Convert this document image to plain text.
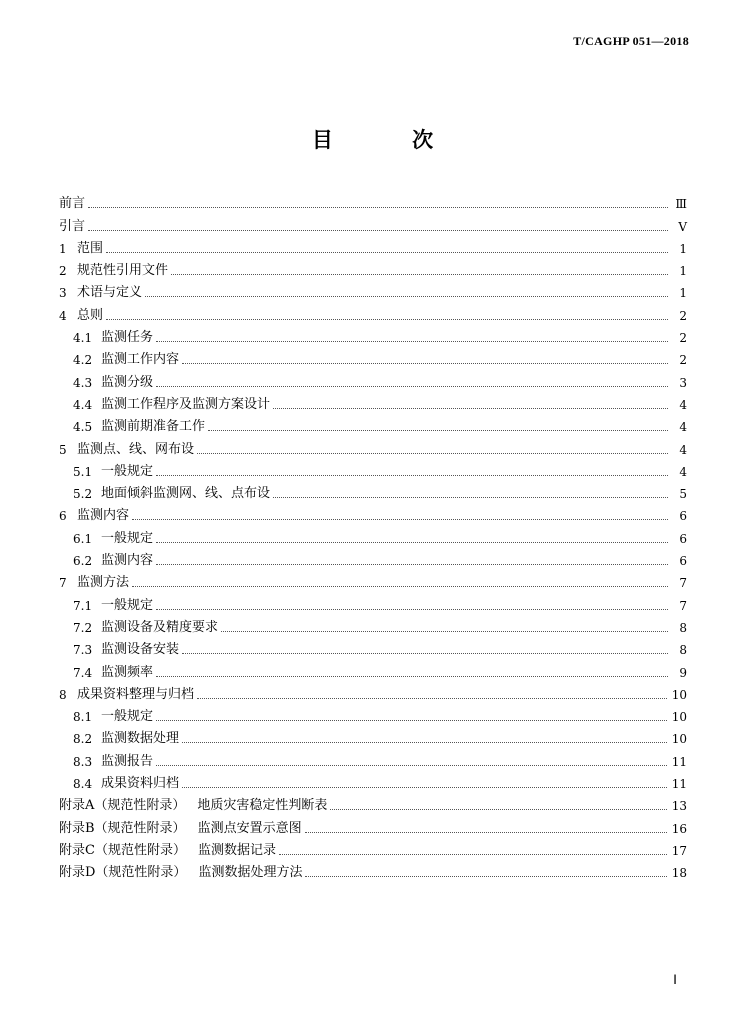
T/CAGHP 051—2018
目 次
前言	Ⅲ
引言	Ⅴ
1 范围	1
2 规范性引用文件	1
3 术语与定义	1
4 总则	2
4.1 监测任务	2
4.2 监测工作内容	2
4.3 监测分级	3
4.4 监测工作程序及监测方案设计	4
4.5 监测前期准备工作	4
5 监测点、线、网布设	4
5.1 一般规定	4
5.2 地面倾斜监测网、线、点布设	5
6 监测内容	6
6.1 一般规定	6
6.2 监测内容	6
7 监测方法	7
7.1 一般规定	7
7.2 监测设备及精度要求	8
7.3 监测设备安装	8
7.4 监测频率	9
8 成果资料整理与归档	10
8.1 一般规定	10
8.2 监测数据处理	10
8.3 监测报告	11
8.4 成果资料归档	11
附录A（规范性附录） 地质灾害稳定性判断表	13
附录B（规范性附录） 监测点安置示意图	16
附录C（规范性附录） 监测数据记录	17
附录D（规范性附录） 监测数据处理方法	18
Ⅰ
